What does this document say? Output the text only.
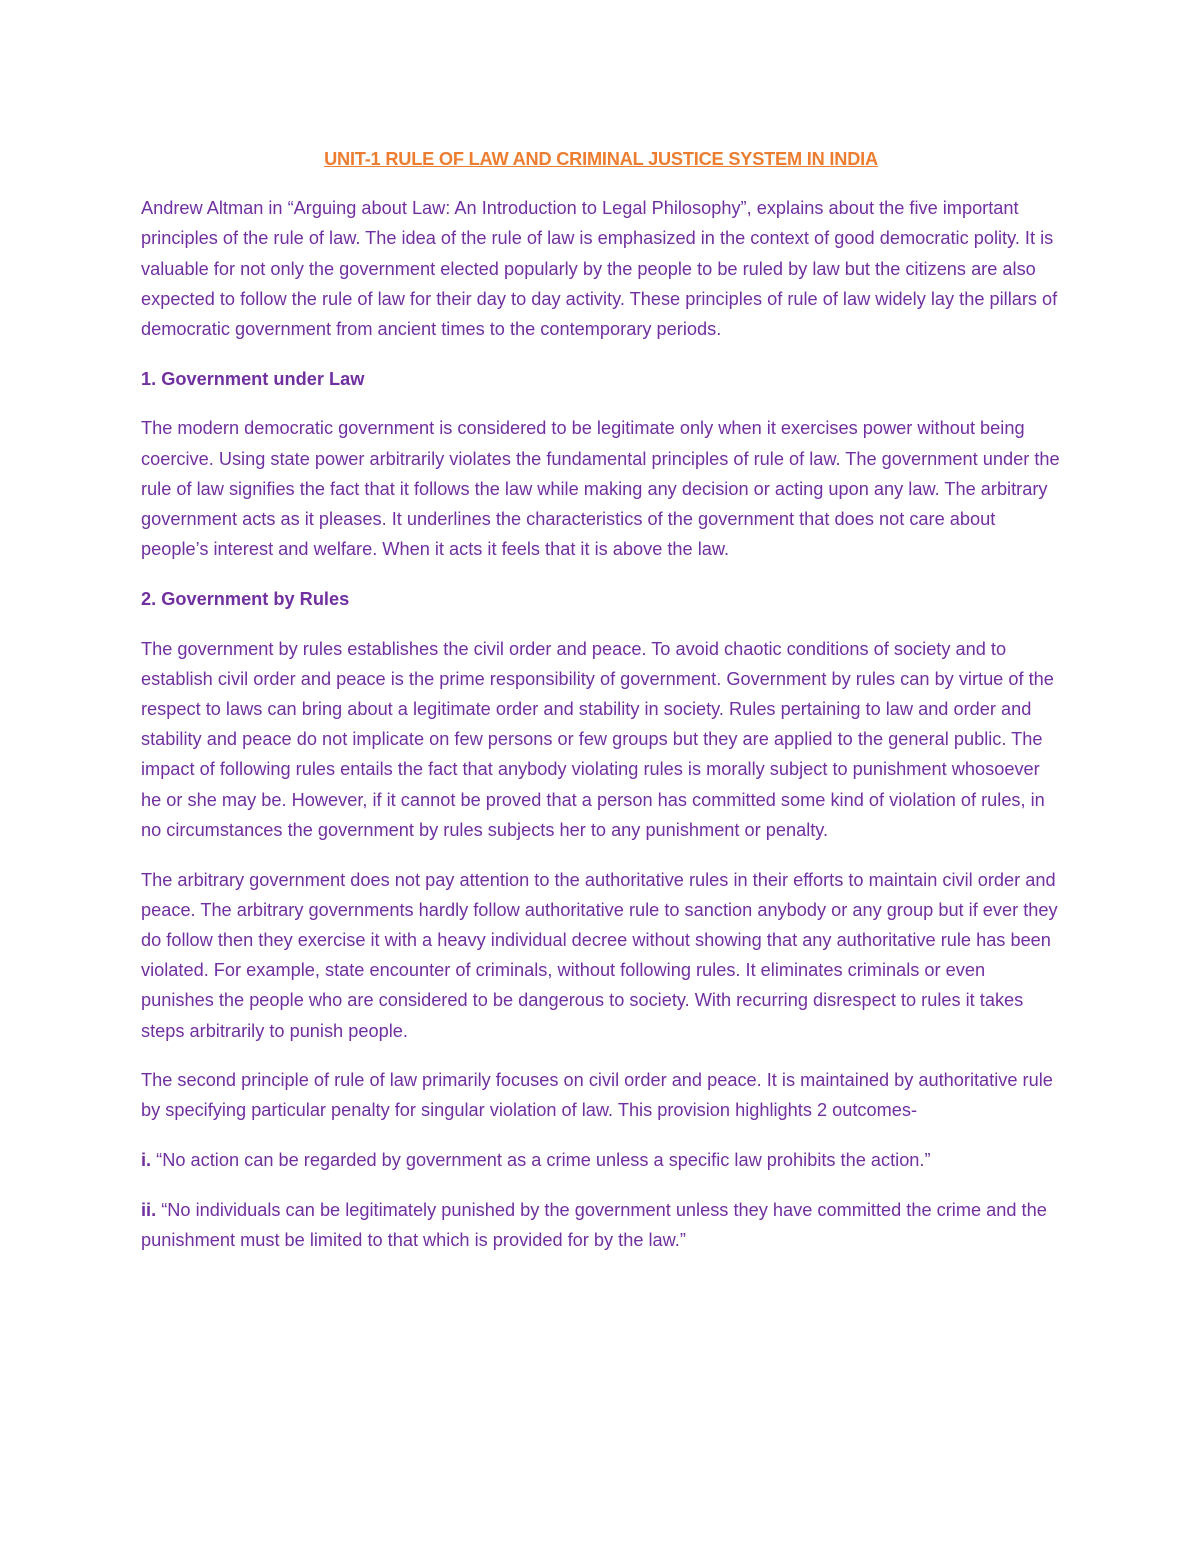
UNIT-1 RULE OF LAW AND CRIMINAL JUSTICE SYSTEM IN INDIA

Andrew Altman in “Arguing about Law: An Introduction to Legal Philosophy”, explains about the five important principles of the rule of law. The idea of the rule of law is emphasized in the context of good democratic polity. It is valuable for not only the government elected popularly by the people to be ruled by law but the citizens are also expected to follow the rule of law for their day to day activity. These principles of rule of law widely lay the pillars of democratic government from ancient times to the contemporary periods.

1. Government under Law

The modern democratic government is considered to be legitimate only when it exercises power without being coercive. Using state power arbitrarily violates the fundamental principles of rule of law. The government under the rule of law signifies the fact that it follows the law while making any decision or acting upon any law. The arbitrary government acts as it pleases. It underlines the characteristics of the government that does not care about people’s interest and welfare. When it acts it feels that it is above the law.

2. Government by Rules

The government by rules establishes the civil order and peace. To avoid chaotic conditions of society and to establish civil order and peace is the prime responsibility of government. Government by rules can by virtue of the respect to laws can bring about a legitimate order and stability in society. Rules pertaining to law and order and stability and peace do not implicate on few persons or few groups but they are applied to the general public. The impact of following rules entails the fact that anybody violating rules is morally subject to punishment whosoever he or she may be. However, if it cannot be proved that a person has committed some kind of violation of rules, in no circumstances the government by rules subjects her to any punishment or penalty.

The arbitrary government does not pay attention to the authoritative rules in their efforts to maintain civil order and peace. The arbitrary governments hardly follow authoritative rule to sanction anybody or any group but if ever they do follow then they exercise it with a heavy individual decree without showing that any authoritative rule has been violated. For example, state encounter of criminals, without following rules. It eliminates criminals or even punishes the people who are considered to be dangerous to society. With recurring disrespect to rules it takes steps arbitrarily to punish people.

The second principle of rule of law primarily focuses on civil order and peace. It is maintained by authoritative rule by specifying particular penalty for singular violation of law. This provision highlights 2 outcomes-

i. “No action can be regarded by government as a crime unless a specific law prohibits the action.”

ii. “No individuals can be legitimately punished by the government unless they have committed the crime and the punishment must be limited to that which is provided for by the law.”
